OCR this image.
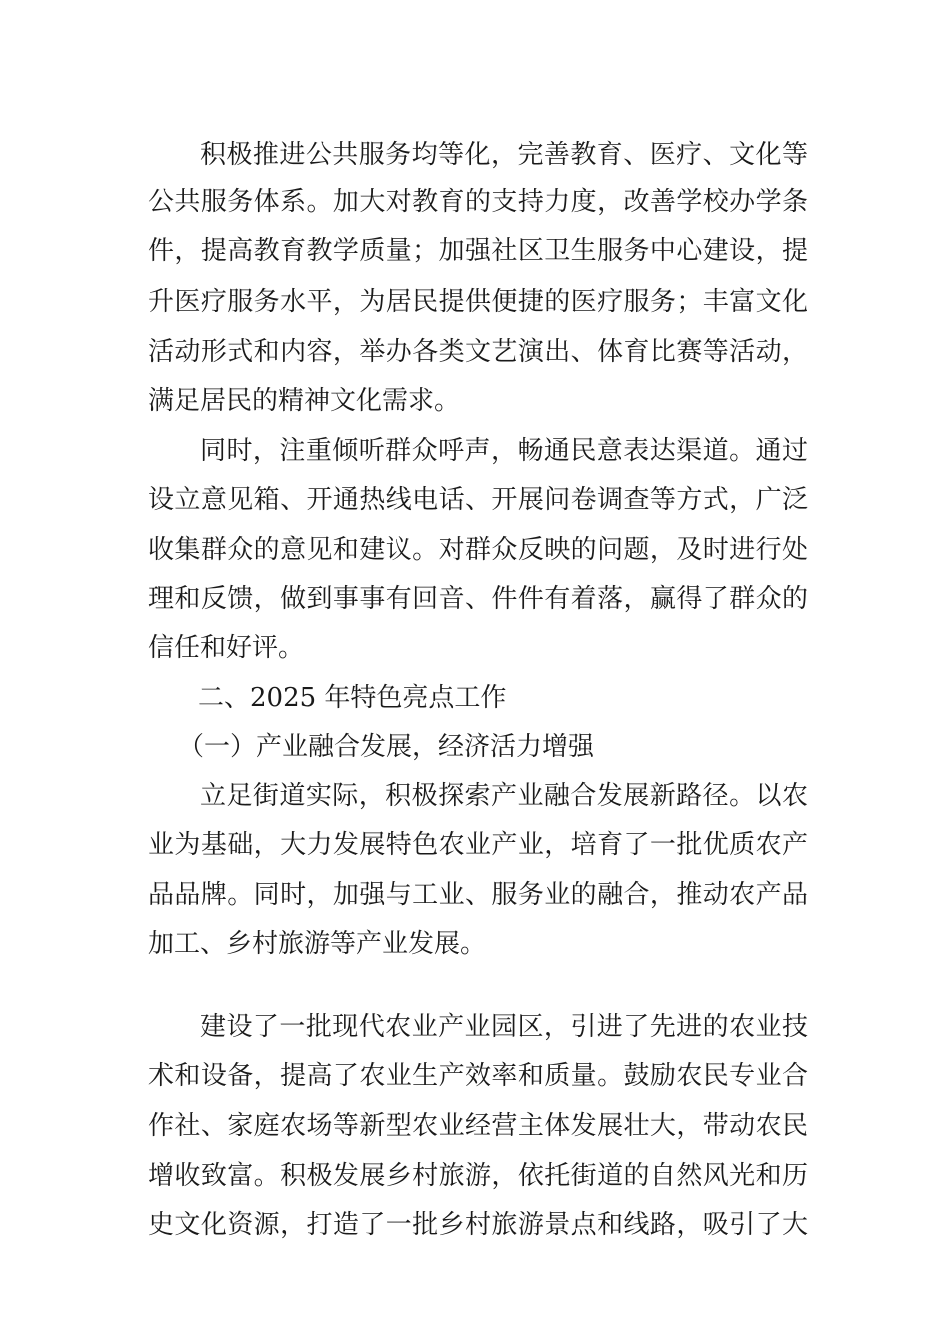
积极推进公共服务均等化，完善教育、医疗、文化等
公共服务体系。加大对教育的支持力度，改善学校办学条
件，提高教育教学质量；加强社区卫生服务中心建设，提
升医疗服务水平，为居民提供便捷的医疗服务；丰富文化
活动形式和内容，举办各类文艺演出、体育比赛等活动，
满足居民的精神文化需求。
同时，注重倾听群众呼声，畅通民意表达渠道。通过
设立意见箱、开通热线电话、开展问卷调查等方式，广泛
收集群众的意见和建议。对群众反映的问题，及时进行处
理和反馈，做到事事有回音、件件有着落，赢得了群众的
信任和好评。
二、2025 年特色亮点工作
（一）产业融合发展，经济活力增强
立足街道实际，积极探索产业融合发展新路径。以农
业为基础，大力发展特色农业产业，培育了一批优质农产
品品牌。同时，加强与工业、服务业的融合，推动农产品
加工、乡村旅游等产业发展。
建设了一批现代农业产业园区，引进了先进的农业技
术和设备，提高了农业生产效率和质量。鼓励农民专业合
作社、家庭农场等新型农业经营主体发展壮大，带动农民
增收致富。积极发展乡村旅游，依托街道的自然风光和历
史文化资源，打造了一批乡村旅游景点和线路，吸引了大
